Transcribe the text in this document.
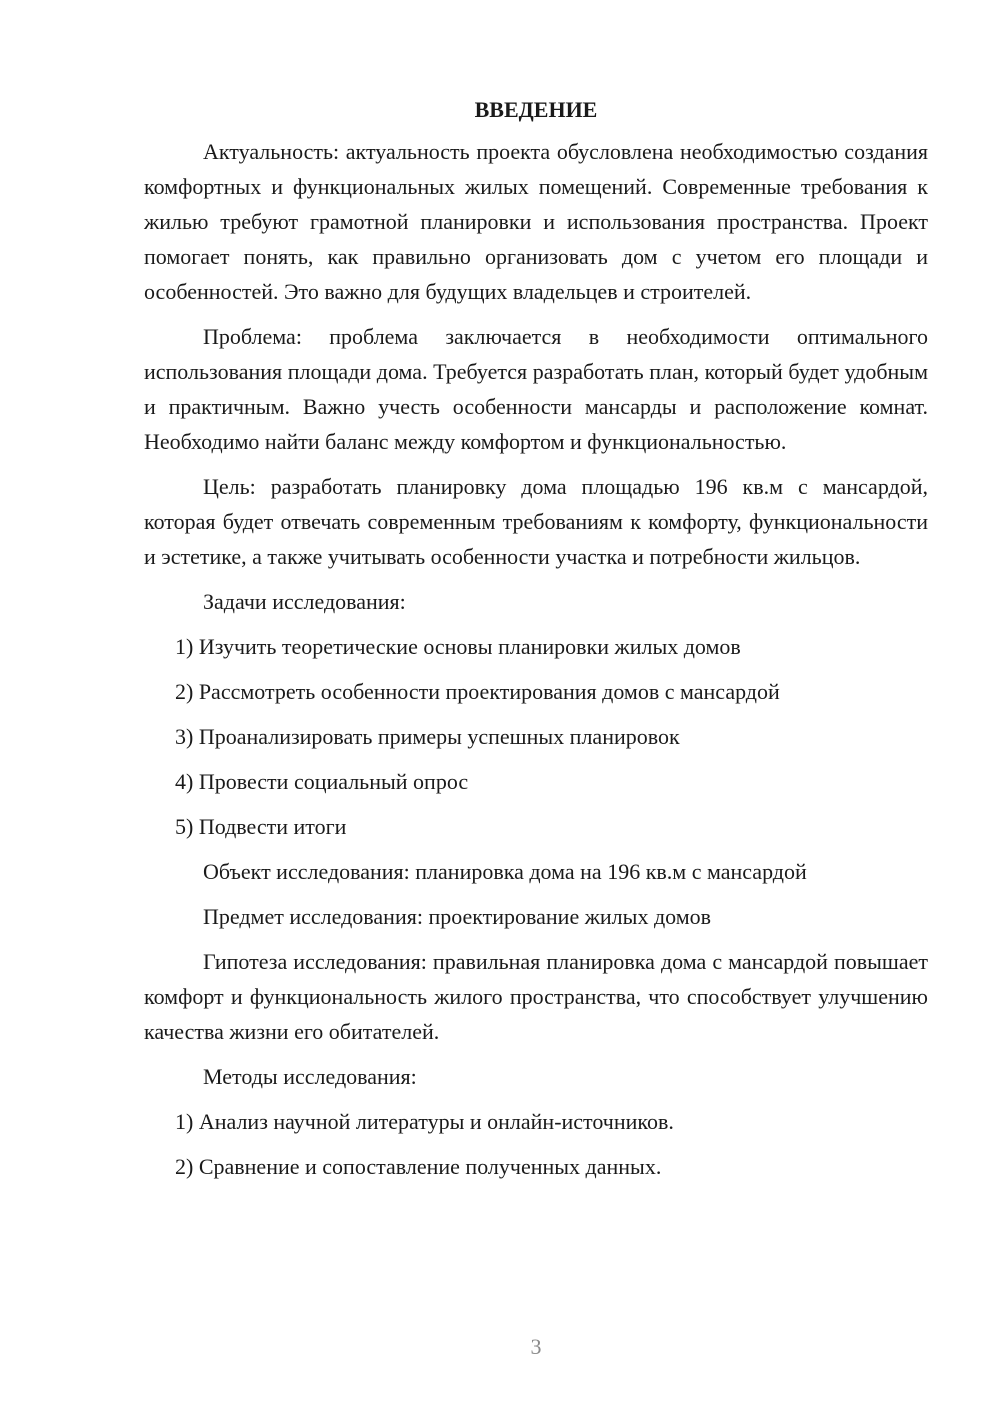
ВВЕДЕНИЕ

Актуальность: актуальность проекта обусловлена необходимостью создания комфортных и функциональных жилых помещений. Современные требования к жилью требуют грамотной планировки и использования пространства. Проект помогает понять, как правильно организовать дом с учетом его площади и особенностей. Это важно для будущих владельцев и строителей.

Проблема: проблема заключается в необходимости оптимального использования площади дома. Требуется разработать план, который будет удобным и практичным. Важно учесть особенности мансарды и расположение комнат. Необходимо найти баланс между комфортом и функциональностью.

Цель: разработать планировку дома площадью 196 кв.м с мансардой, которая будет отвечать современным требованиям к комфорту, функциональности и эстетике, а также учитывать особенности участка и потребности жильцов.

Задачи исследования:
1) Изучить теоретические основы планировки жилых домов
2) Рассмотреть особенности проектирования домов с мансардой
3) Проанализировать примеры успешных планировок
4) Провести социальный опрос
5) Подвести итоги
Объект исследования: планировка дома на 196 кв.м с мансардой
Предмет исследования: проектирование жилых домов

Гипотеза исследования: правильная планировка дома с мансардой повышает комфорт и функциональность жилого пространства, что способствует улучшению качества жизни его обитателей.

Методы исследования:
1) Анализ научной литературы и онлайн-источников.
2) Сравнение и сопоставление полученных данных.
3
